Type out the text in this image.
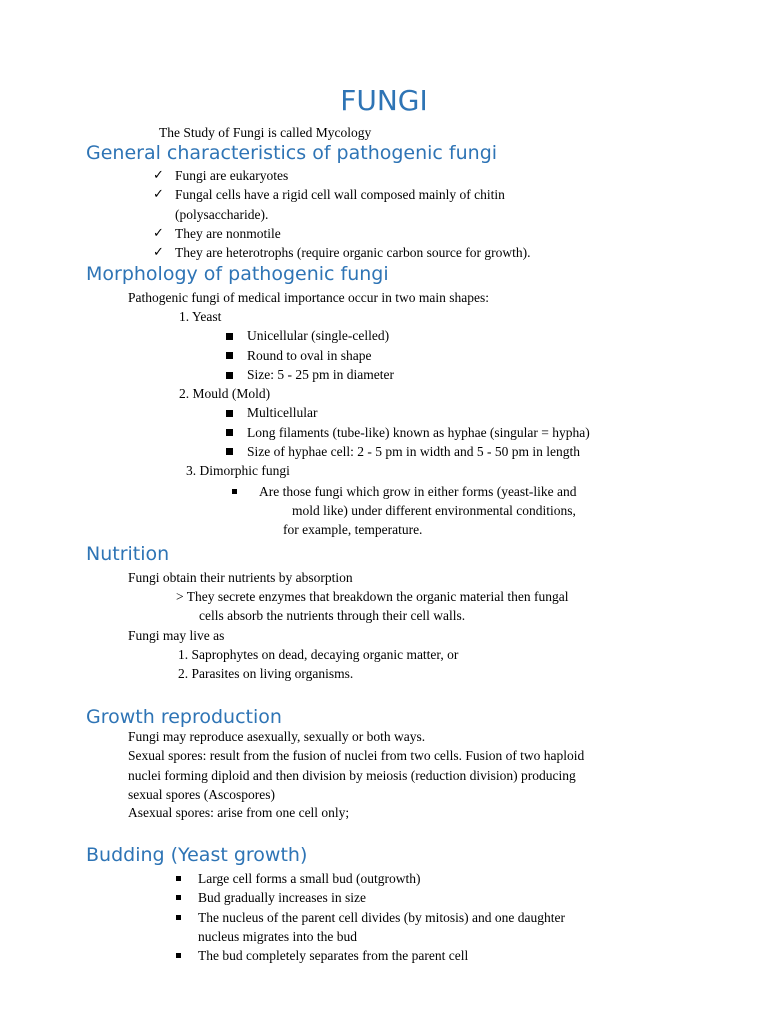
FUNGI
The Study of Fungi is called Mycology
General characteristics of pathogenic fungi
✓ Fungi are eukaryotes
✓ Fungal cells have a rigid cell wall composed mainly of chitin
(polysaccharide).
✓ They are nonmotile
✓ They are heterotrophs (require organic carbon source for growth).
Morphology of pathogenic fungi
Pathogenic fungi of medical importance occur in two main shapes:
1. Yeast
Unicellular (single-celled)
Round to oval in shape
Size: 5 - 25 pm in diameter
2. Mould (Mold)
Multicellular
Long filaments (tube-like) known as hyphae (singular = hypha)
Size of hyphae cell: 2 - 5 pm in width and 5 - 50 pm in length
3. Dimorphic fungi
Are those fungi which grow in either forms (yeast-like and
mold like) under different environmental conditions,
for example, temperature.
Nutrition
Fungi obtain their nutrients by absorption
> They secrete enzymes that breakdown the organic material then fungal
cells absorb the nutrients through their cell walls.
Fungi may live as
1. Saprophytes on dead, decaying organic matter, or
2. Parasites on living organisms.
Growth reproduction
Fungi may reproduce asexually, sexually or both ways.
Sexual spores: result from the fusion of nuclei from two cells. Fusion of two haploid
nuclei forming diploid and then division by meiosis (reduction division) producing
sexual spores (Ascospores)
Asexual spores: arise from one cell only;
Budding (Yeast growth)
Large cell forms a small bud (outgrowth)
Bud gradually increases in size
The nucleus of the parent cell divides (by mitosis) and one daughter
nucleus migrates into the bud
The bud completely separates from the parent cell
